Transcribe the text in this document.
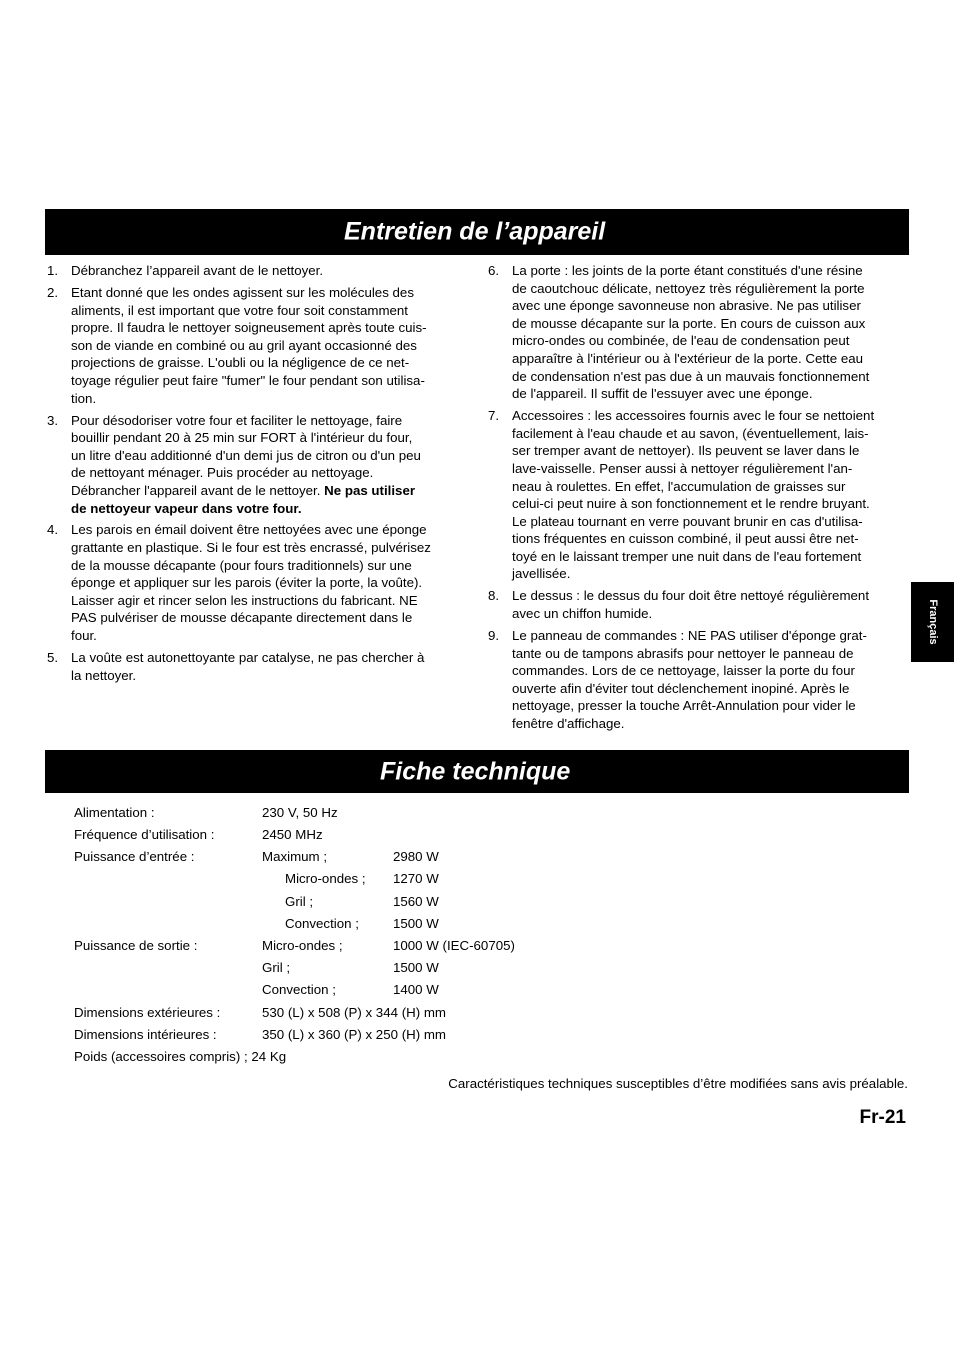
Entretien de l’appareil
1. Débranchez l’appareil avant de le nettoyer.
2. Etant donné que les ondes agissent sur les molécules des
aliments, il est important que votre four soit constamment
propre. Il faudra le nettoyer soigneusement après toute cuis-
son de viande en combiné ou au gril ayant occasionné des
projections de graisse. L'oubli ou la négligence de ce net-
toyage régulier peut faire "fumer" le four pendant son utilisa-
tion.
3. Pour désodoriser votre four et faciliter le nettoyage, faire
bouillir pendant 20 à 25 min sur FORT à l'intérieur du four,
un litre d'eau additionné d'un demi jus de citron ou d'un peu
de nettoyant ménager. Puis procéder au nettoyage.
Débrancher l'appareil avant de le nettoyer. Ne pas utiliser
de nettoyeur vapeur dans votre four.
4. Les parois en émail doivent être nettoyées avec une éponge
grattante en plastique. Si le four est très encrassé, pulvérisez
de la mousse décapante (pour fours traditionnels) sur une
éponge et appliquer sur les parois (éviter la porte, la voûte).
Laisser agir et rincer selon les instructions du fabricant. NE
PAS pulvériser de mousse décapante directement dans le
four.
5. La voûte est autonettoyante par catalyse, ne pas chercher à
la nettoyer.
6. La porte : les joints de la porte étant constitués d'une résine
de caoutchouc délicate, nettoyez très régulièrement la porte
avec une éponge savonneuse non abrasive. Ne pas utiliser
de mousse décapante sur la porte. En cours de cuisson aux
micro-ondes ou combinée, de l'eau de condensation peut
apparaître à l'intérieur ou à l'extérieur de la porte. Cette eau
de condensation n'est pas due à un mauvais fonctionnement
de l'appareil. Il suffit de l'essuyer avec une éponge.
7. Accessoires : les accessoires fournis avec le four se nettoient
facilement à l'eau chaude et au savon, (éventuellement, lais-
ser tremper avant de nettoyer). Ils peuvent se laver dans le
lave-vaisselle. Penser aussi à nettoyer régulièrement l'an-
neau à roulettes. En effet, l'accumulation de graisses sur
celui-ci peut nuire à son fonctionnement et le rendre bruyant.
Le plateau tournant en verre pouvant brunir en cas d'utilisa-
tions fréquentes en cuisson combiné, il peut aussi être net-
toyé en le laissant tremper une nuit dans de l'eau fortement
javellisée.
8. Le dessus : le dessus du four doit être nettoyé régulièrement
avec un chiffon humide.
9. Le panneau de commandes : NE PAS utiliser d'éponge grat-
tante ou de tampons abrasifs pour nettoyer le panneau de
commandes. Lors de ce nettoyage, laisser la porte du four
ouverte afin d'éviter tout déclenchement inopiné. Après le
nettoyage, presser la touche Arrêt-Annulation pour vider le
fenêtre d'affichage.
Fiche technique
Alimentation :	230 V, 50 Hz
Fréquence d’utilisation :	2450 MHz
Puissance d’entrée :	Maximum ;	2980 W
Micro-ondes ; 1270 W
Gril ;	1560 W
Convection ;	1500 W
Puissance de sortie :	Micro-ondes ;	1000 W (IEC-60705)
Gril ;	1500 W
Convection ;	1400 W
Dimensions extérieures :	530 (L) x 508 (P) x 344 (H) mm
Dimensions intérieures :	350 (L) x 360 (P) x 250 (H) mm
Poids (accessoires compris) ; 24 Kg
Caractéristiques techniques susceptibles d’être modifiées sans avis préalable.
Fr-21
Français
